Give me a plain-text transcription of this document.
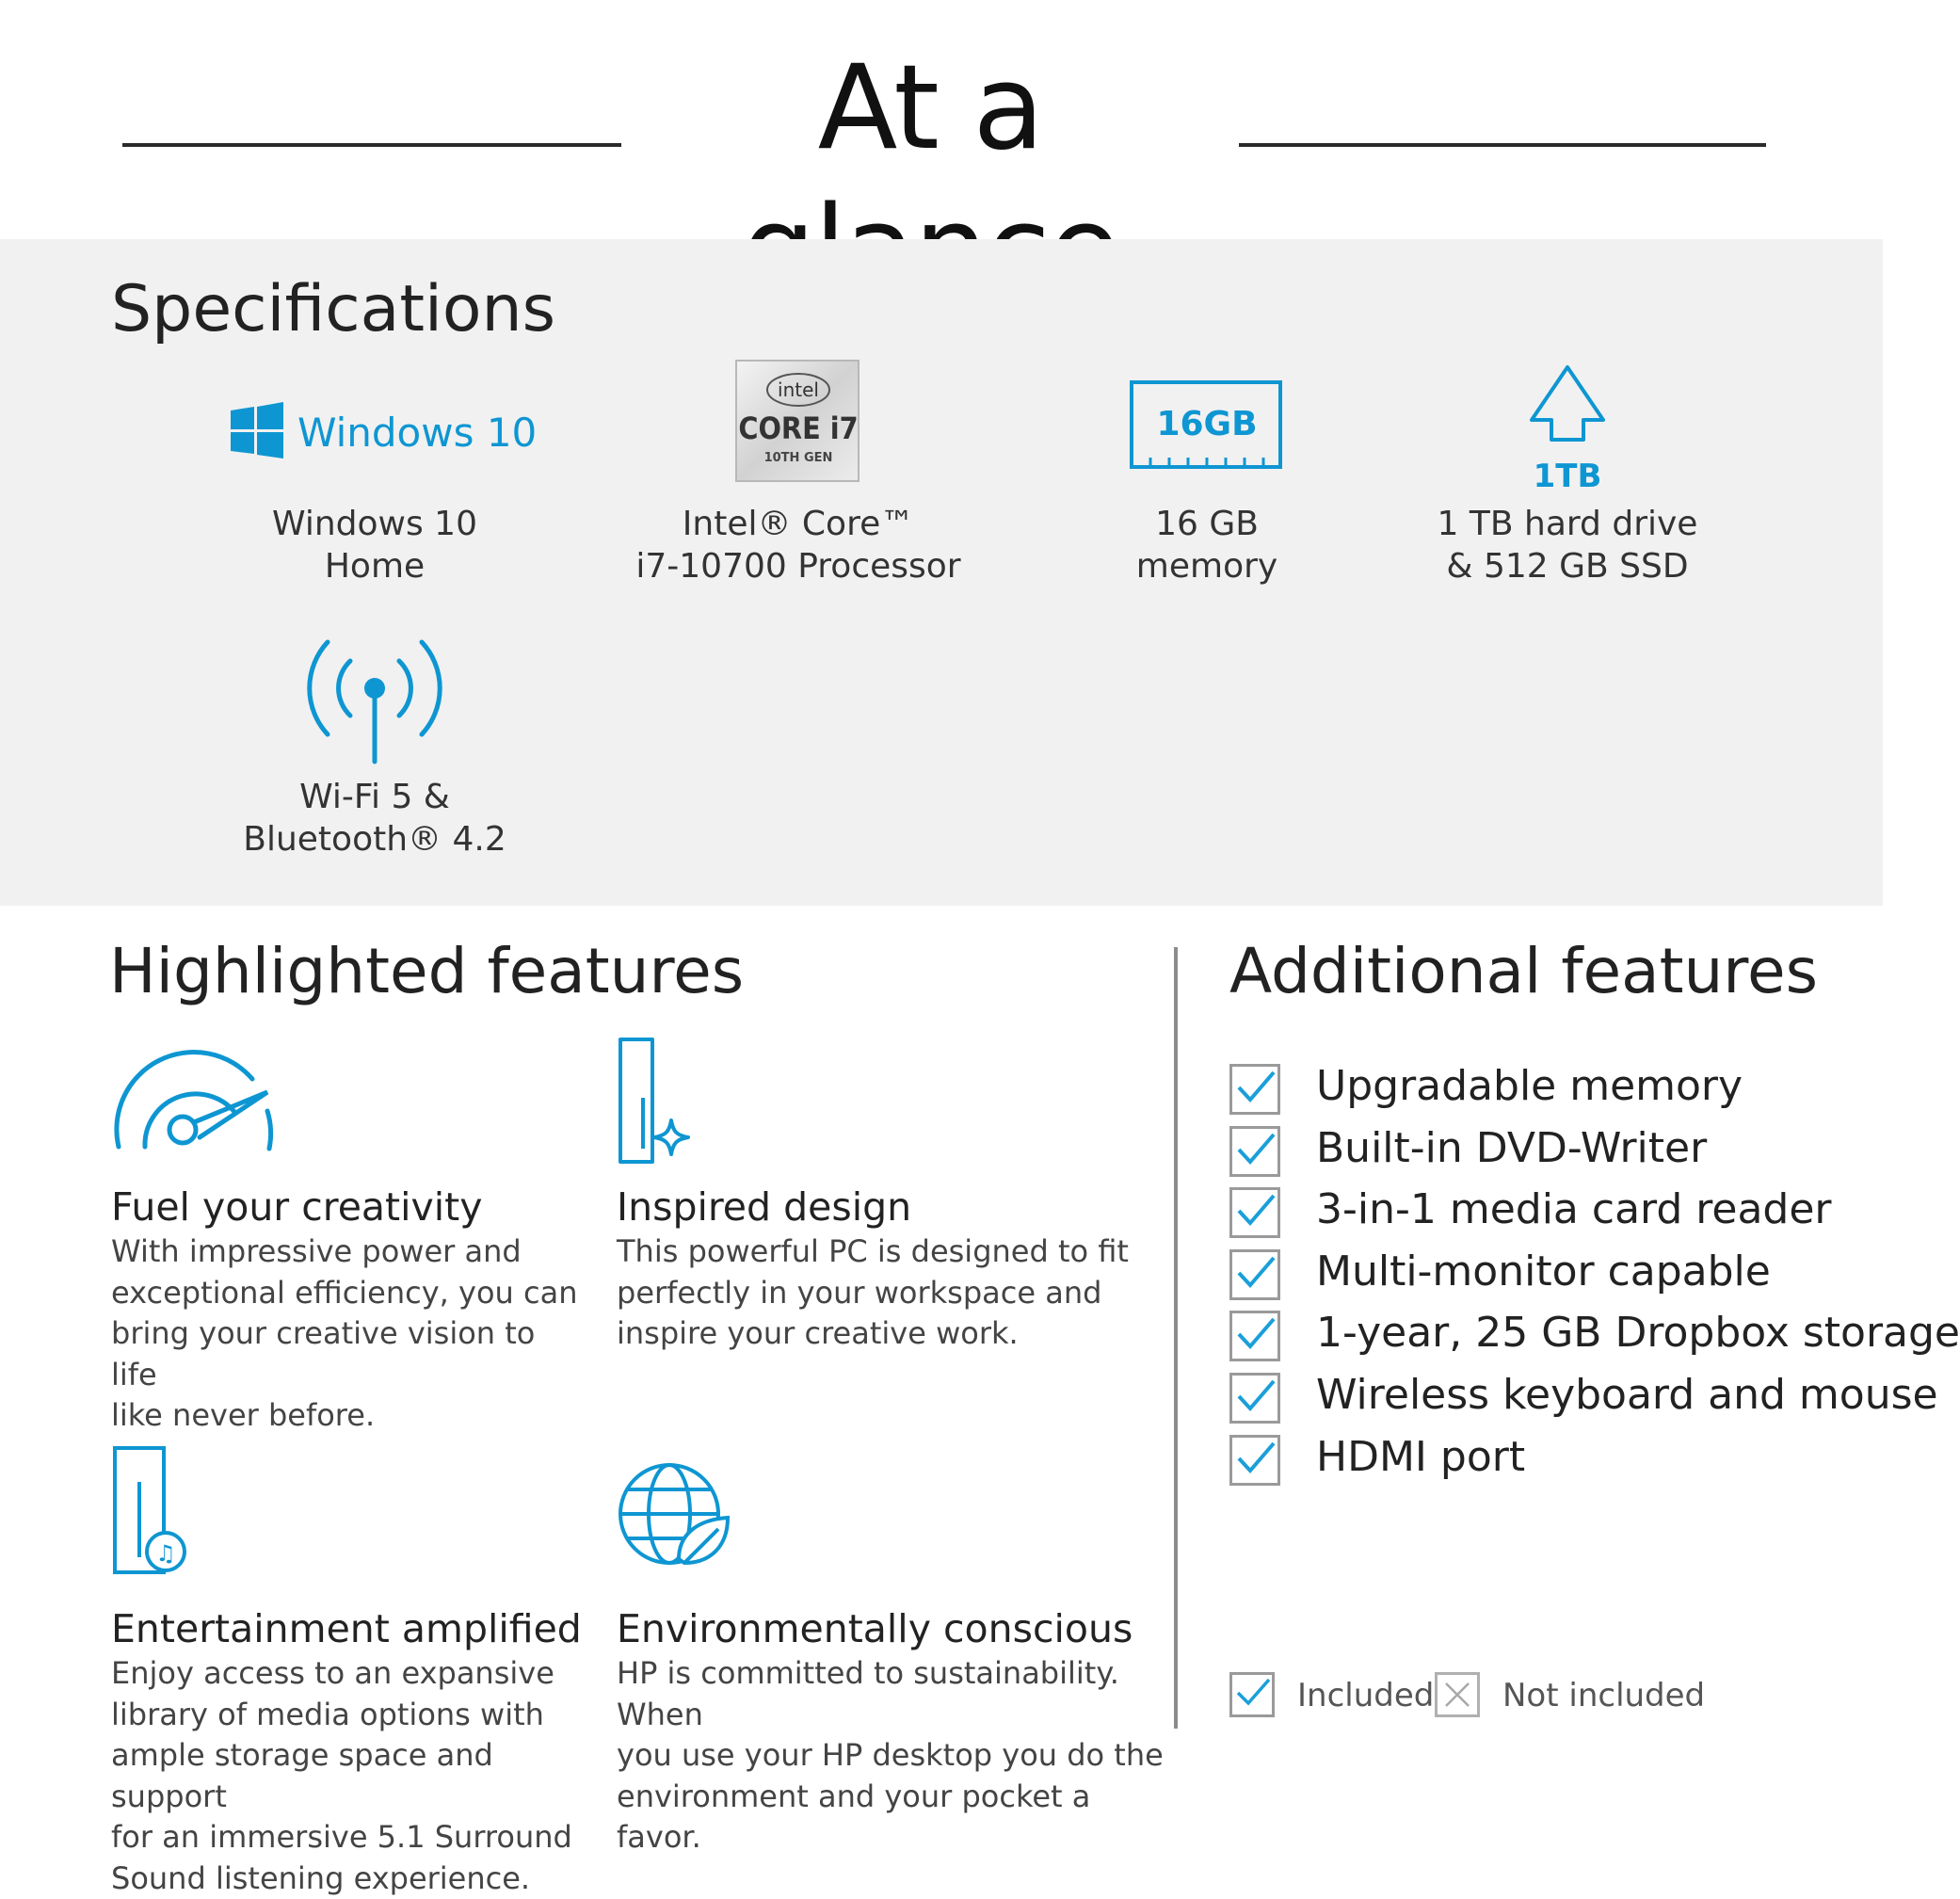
At a
Specifications
Windows 10
Windows 10
Home
intel
CORE i7
10TH GEN
Intel® Core™
i7-10700 Processor
16GB
16 GB
memory
1TB
1 TB hard drive
& 512 GB SSD
Wi-Fi 5 &
Bluetooth® 4.2
Highlighted features
Fuel your creativity

With impressive power and

exceptional efficiency, you can

bring your creative vision to life

like never before.

Inspired design

This powerful PC is designed to fit

perfectly in your workspace and

inspire your creative work.

♫
Entertainment amplified

Enjoy access to an expansive

library of media options with

ample storage space and support

for an immersive 5.1 Surround

Sound listening experience.

Environmentally conscious

HP is committed to sustainability. When

you use your HP desktop you do the

environment and your pocket a favor.

Additional features
Upgradable memory
Built-in DVD-Writer
3-in-1 media card reader
Multi-monitor capable
1-year, 25 GB Dropbox storage
Wireless keyboard and mouse
HDMI port
Included Not included
